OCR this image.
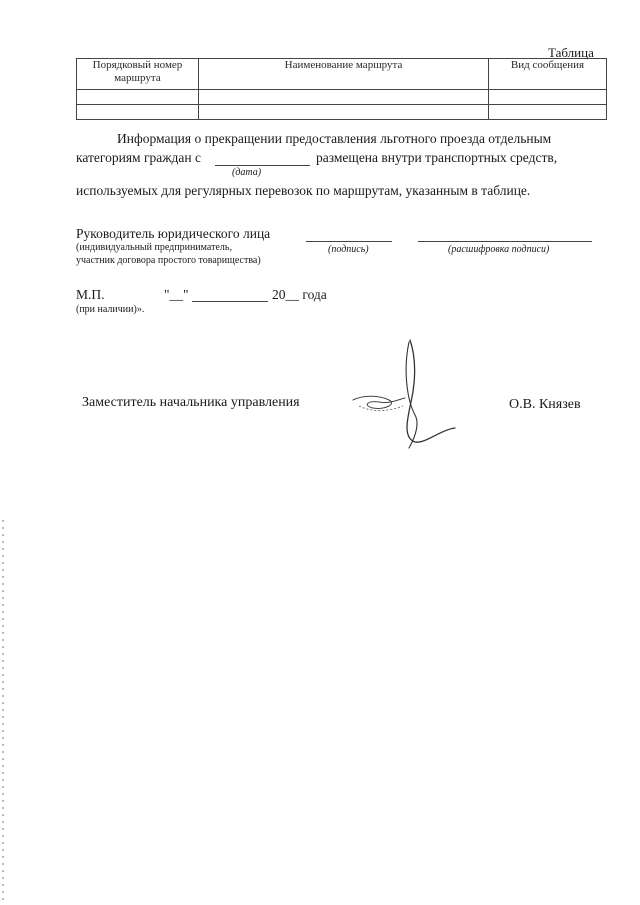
Таблица
Порядковый номер маршрута	Наименование маршрута	Вид сообщения

Информация о прекращении предоставления льготного проезда отдельным
категориям граждан с	размещена внутри транспортных средств,
(дата)
используемых для регулярных перевозок по маршрутам, указанным в таблице.
Руководитель юридического лица
(индивидуальный предприниматель,
участник договора простого товарищества)
(подпись)	(расшифровка подписи)
М.П.	"__"	20__ года
(при наличии)».
Заместитель начальника управления	О.В. Князев
